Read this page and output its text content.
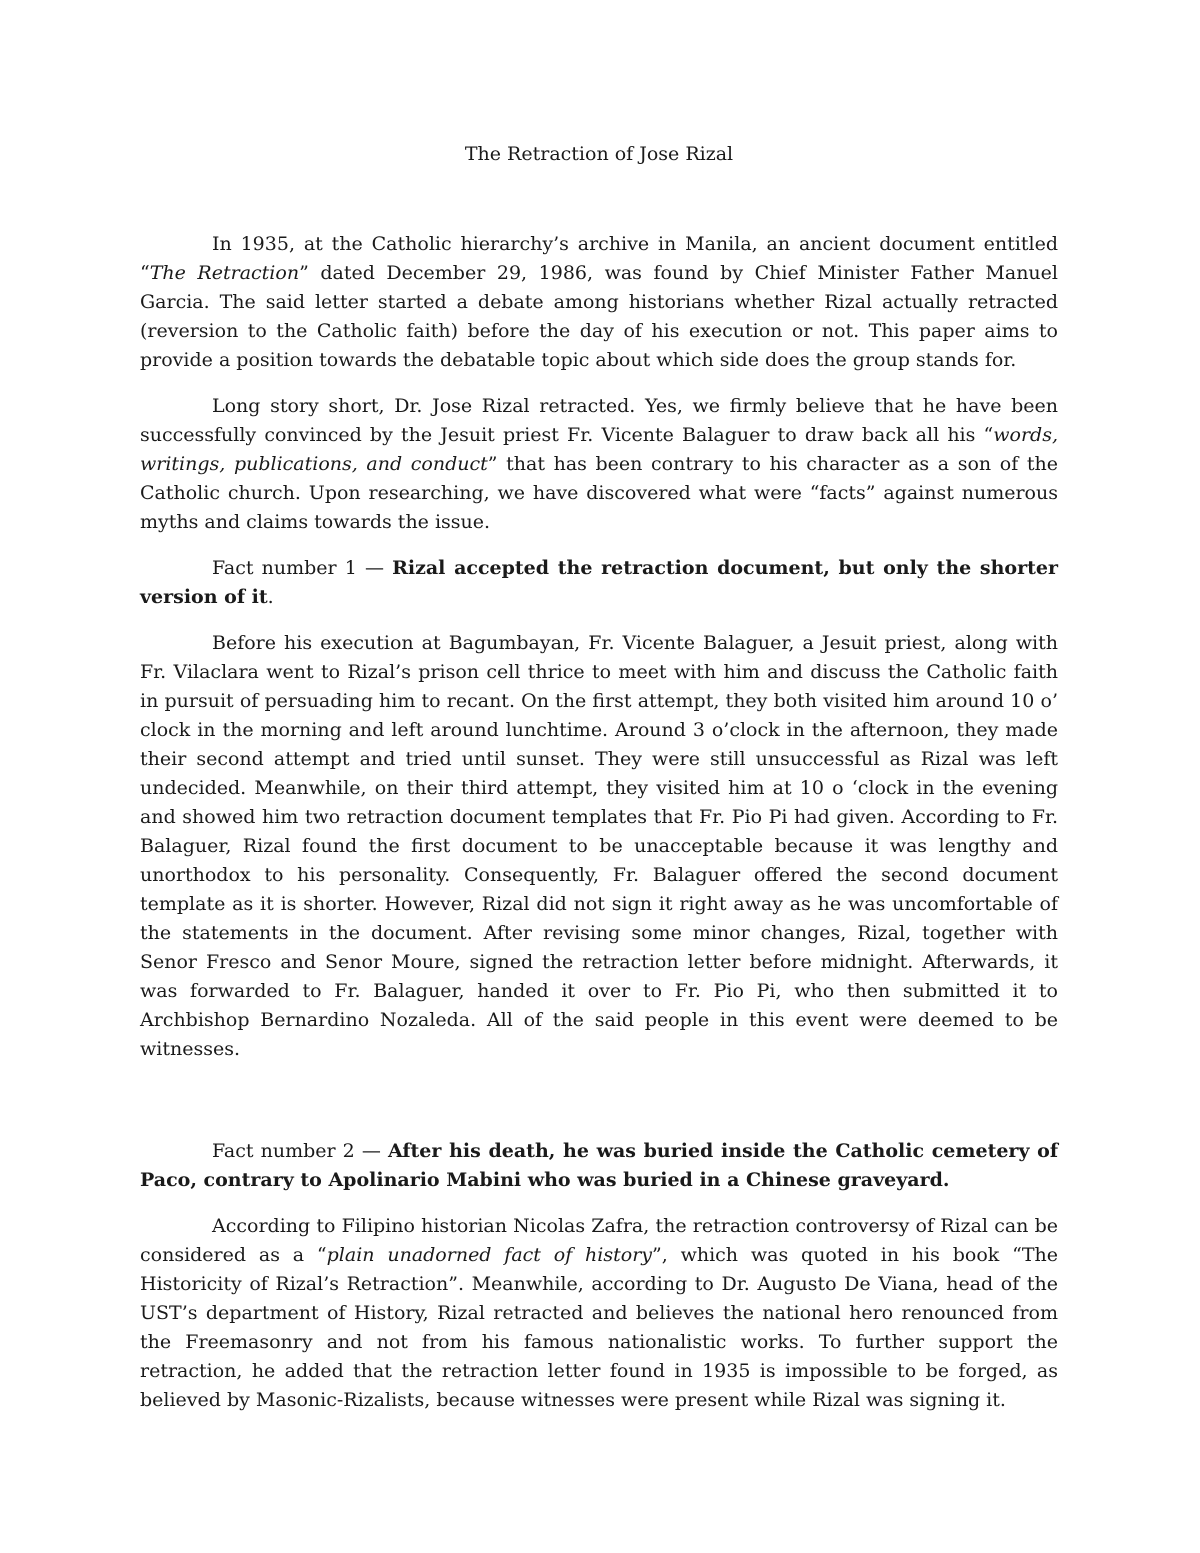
The Retraction of Jose Rizal

In 1935, at the Catholic hierarchy’s archive in Manila, an ancient document entitled “The Retraction” dated December 29, 1986, was found by Chief Minister Father Manuel Garcia. The said letter started a debate among historians whether Rizal actually retracted (reversion to the Catholic faith) before the day of his execution or not. This paper aims to provide a position towards the debatable topic about which side does the group stands for.

Long story short, Dr. Jose Rizal retracted. Yes, we firmly believe that he have been successfully convinced by the Jesuit priest Fr. Vicente Balaguer to draw back all his “words, writings, publications, and conduct” that has been contrary to his character as a son of the Catholic church. Upon researching, we have discovered what were “facts” against numerous myths and claims towards the issue.

Fact number 1 — Rizal accepted the retraction document, but only the shorter version of it.

Before his execution at Bagumbayan, Fr. Vicente Balaguer, a Jesuit priest, along with Fr. Vilaclara went to Rizal’s prison cell thrice to meet with him and discuss the Catholic faith in pursuit of persuading him to recant. On the first attempt, they both visited him around 10 o’ clock in the morning and left around lunchtime. Around 3 o’clock in the afternoon, they made their second attempt and tried until sunset. They were still unsuccessful as Rizal was left undecided. Meanwhile, on their third attempt, they visited him at 10 o ‘clock in the evening and showed him two retraction document templates that Fr. Pio Pi had given. According to Fr. Balaguer, Rizal found the first document to be unacceptable because it was lengthy and unorthodox to his personality. Consequently, Fr. Balaguer offered the second document template as it is shorter. However, Rizal did not sign it right away as he was uncomfortable of the statements in the document. After revising some minor changes, Rizal, together with Senor Fresco and Senor Moure, signed the retraction letter before midnight. Afterwards, it was forwarded to Fr. Balaguer, handed it over to Fr. Pio Pi, who then submitted it to Archbishop Bernardino Nozaleda. All of the said people in this event were deemed to be witnesses.

Fact number 2 — After his death, he was buried inside the Catholic cemetery of Paco, contrary to Apolinario Mabini who was buried in a Chinese graveyard.

According to Filipino historian Nicolas Zafra, the retraction controversy of Rizal can be considered as a “plain unadorned fact of history”, which was quoted in his book “The Historicity of Rizal’s Retraction”. Meanwhile, according to Dr. Augusto De Viana, head of the UST’s department of History, Rizal retracted and believes the national hero renounced from the Freemasonry and not from his famous nationalistic works. To further support the retraction, he added that the retraction letter found in 1935 is impossible to be forged, as believed by Masonic-Rizalists, because witnesses were present while Rizal was signing it.
